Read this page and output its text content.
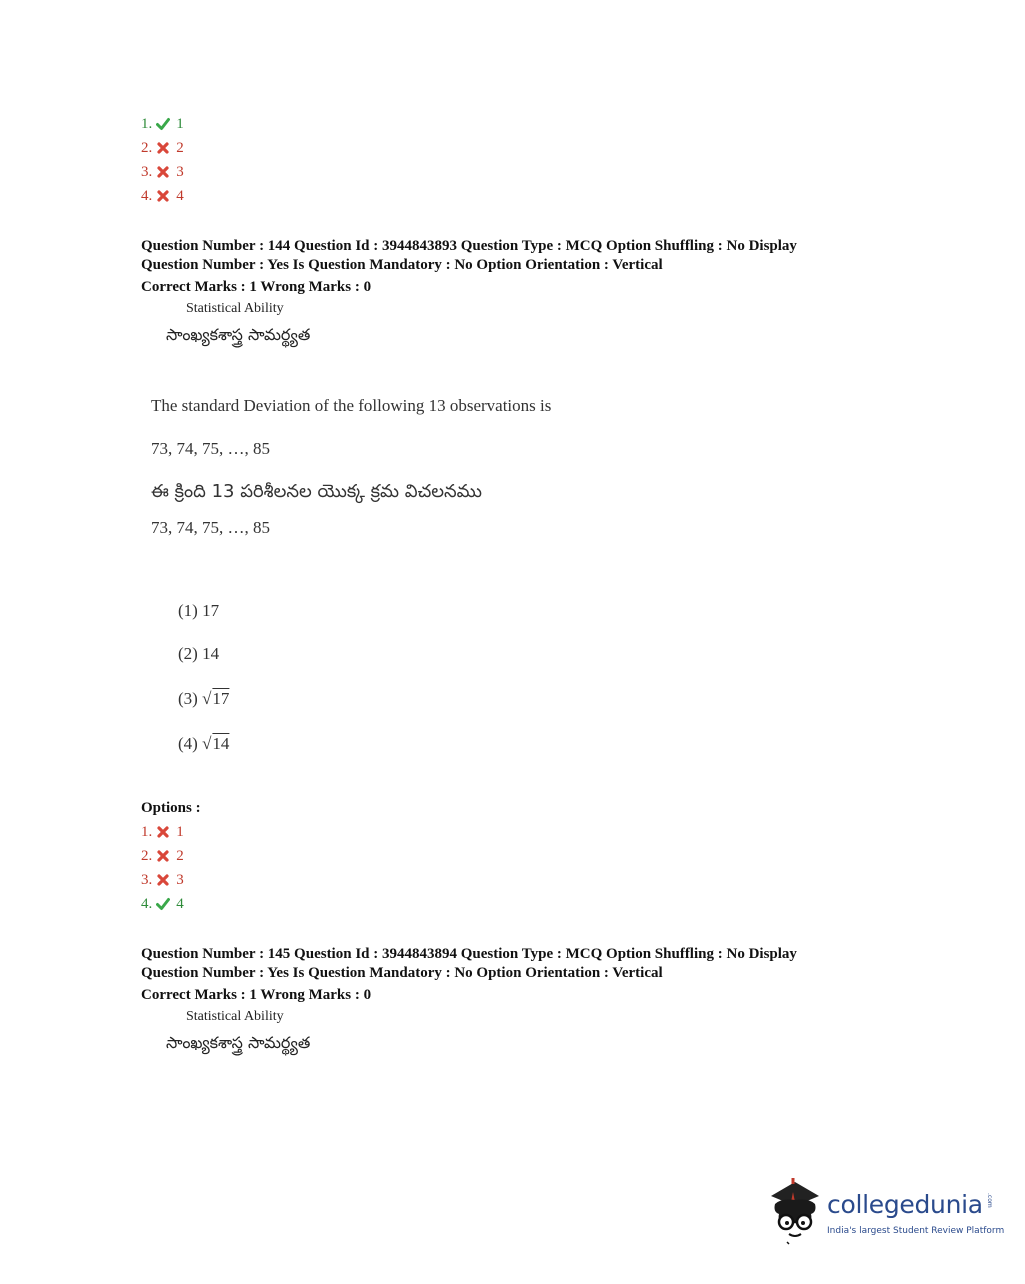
1. 1
2. 2
3. 3
4. 4
Question Number : 144 Question Id : 3944843893 Question Type : MCQ Option Shuffling : No Display
Question Number : Yes Is Question Mandatory : No Option Orientation : Vertical
Correct Marks : 1 Wrong Marks : 0
Statistical Ability
సాంఖ్యకశాస్త్ర సామర్థ్యత
The standard Deviation of the following 13 observations is
73, 74, 75, …, 85
ఈ క్రింది 13 పరిశీలనల యొక్క క్రమ విచలనము
73, 74, 75, …, 85
(1) 17
(2) 14
(3) √17
(4) √14
Options :
1. 1
2. 2
3. 3
4. 4
Question Number : 145 Question Id : 3944843894 Question Type : MCQ Option Shuffling : No Display
Question Number : Yes Is Question Mandatory : No Option Orientation : Vertical
Correct Marks : 1 Wrong Marks : 0
Statistical Ability
సాంఖ్యకశాస్త్ర సామర్థ్యత
collegedunia .com
India's largest Student Review Platform
